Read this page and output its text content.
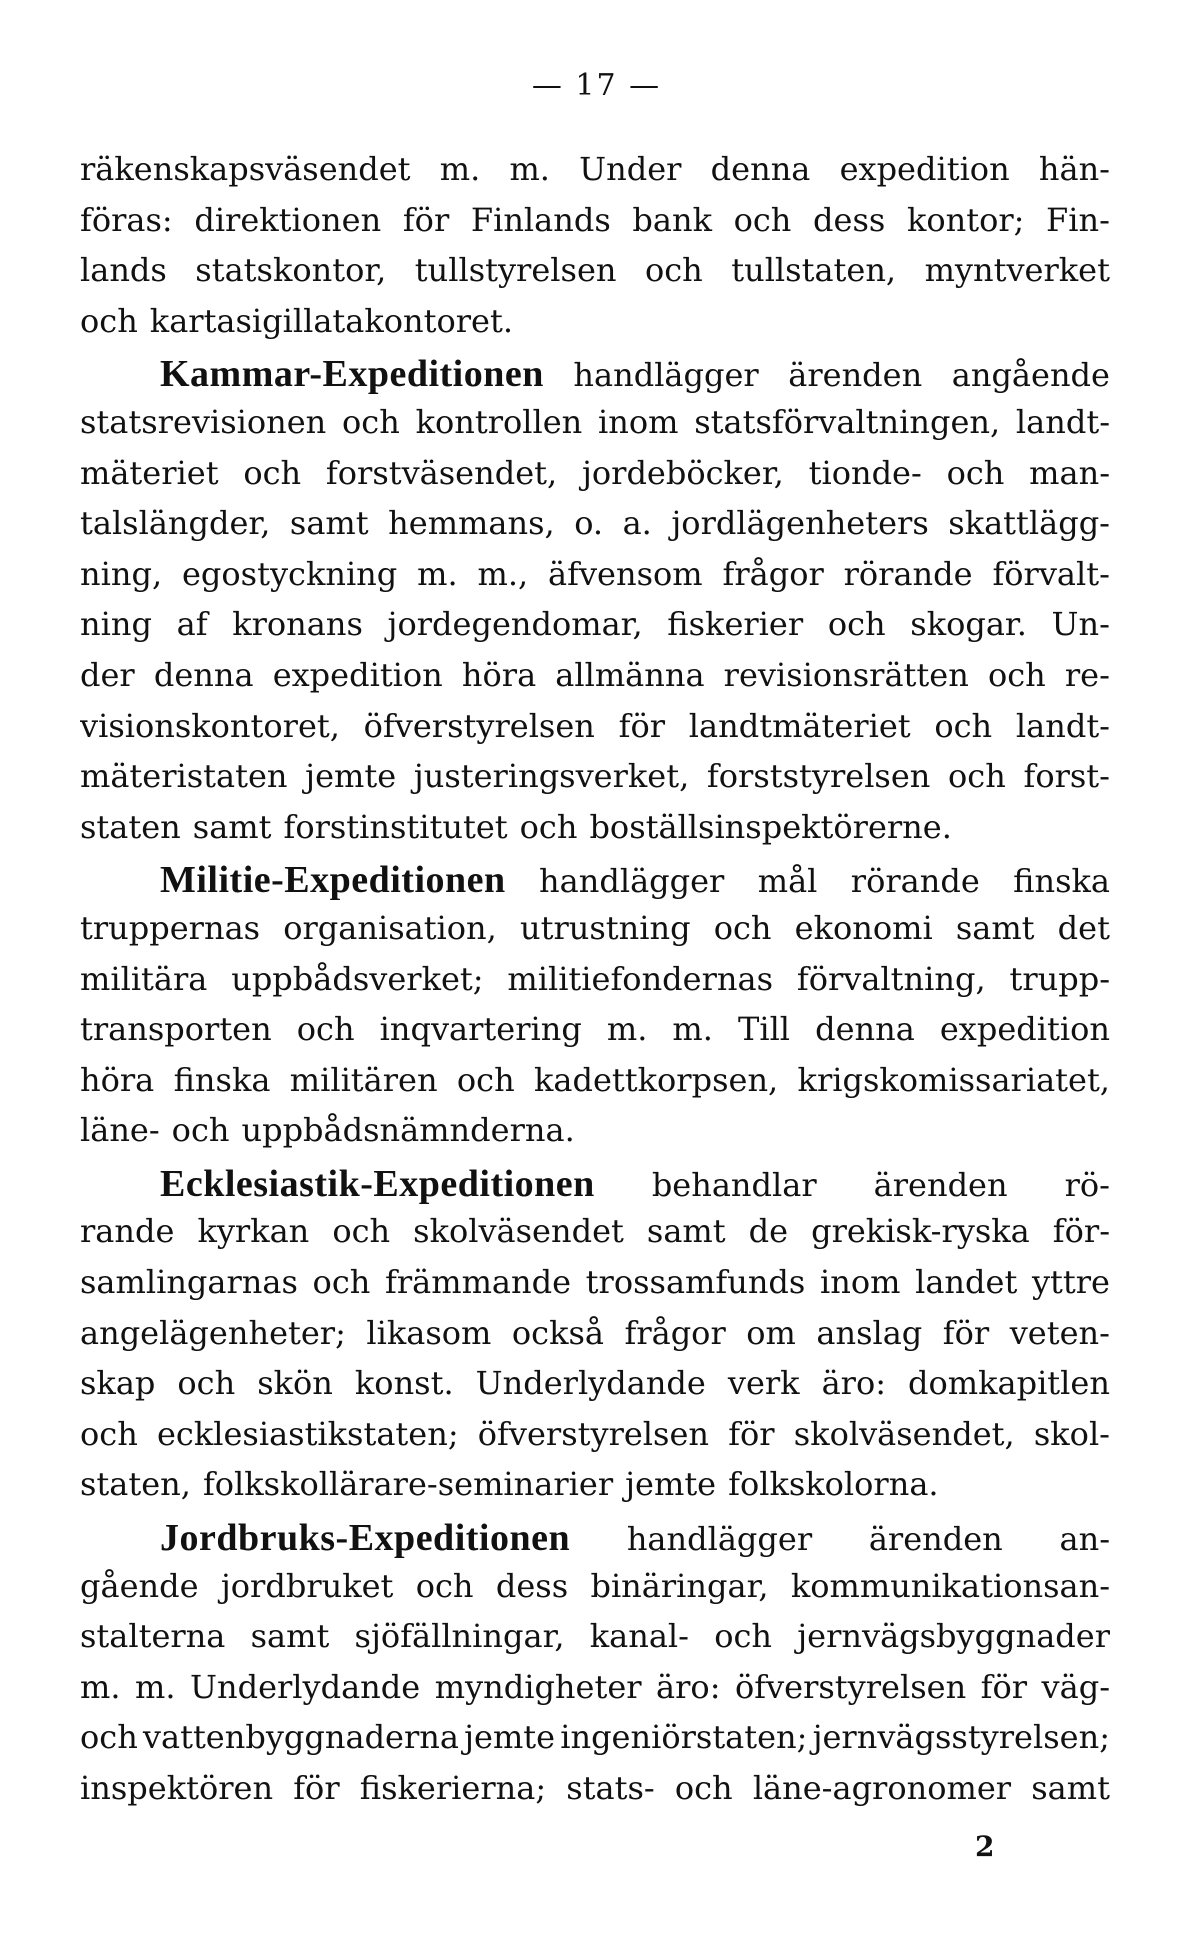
— 17 —
räkenskapsväsendet m. m. Under denna expedition hän-
föras: direktionen för Finlands bank och dess kontor; Fin-
lands statskontor, tullstyrelsen och tullstaten, myntverket
och kartasigillatakontoret.
Kammar-Expeditionen handlägger ärenden angående
statsrevisionen och kontrollen inom statsförvaltningen, landt-
mäteriet och forstväsendet, jordeböcker, tionde- och man-
talslängder, samt hemmans, o. a. jordlägenheters skattlägg-
ning, egostyckning m. m., äfvensom frågor rörande förvalt-
ning af kronans jordegendomar, fiskerier och skogar. Un-
der denna expedition höra allmänna revisionsrätten och re-
visionskontoret, öfverstyrelsen för landtmäteriet och landt-
mäteristaten jemte justeringsverket, forststyrelsen och forst-
staten samt forstinstitutet och boställsinspektörerne.
Militie-Expeditionen handlägger mål rörande finska
truppernas organisation, utrustning och ekonomi samt det
militära uppbådsverket; militiefondernas förvaltning, trupp-
transporten och inqvartering m. m. Till denna expedition
höra finska militären och kadettkorpsen, krigskomissariatet,
läne- och uppbådsnämnderna.
Ecklesiastik-Expeditionen behandlar ärenden rö-
rande kyrkan och skolväsendet samt de grekisk-ryska för-
samlingarnas och främmande trossamfunds inom landet yttre
angelägenheter; likasom också frågor om anslag för veten-
skap och skön konst. Underlydande verk äro: domkapitlen
och ecklesiastikstaten; öfverstyrelsen för skolväsendet, skol-
staten, folkskollärare-seminarier jemte folkskolorna.
Jordbruks-Expeditionen handlägger ärenden an-
gående jordbruket och dess binäringar, kommunikationsan-
stalterna samt sjöfällningar, kanal- och jernvägsbyggnader
m. m. Underlydande myndigheter äro: öfverstyrelsen för väg-
och vattenbyggnaderna jemte ingeniörstaten; jernvägsstyrelsen;
inspektören för fiskerierna; stats- och läne-agronomer samt
2
